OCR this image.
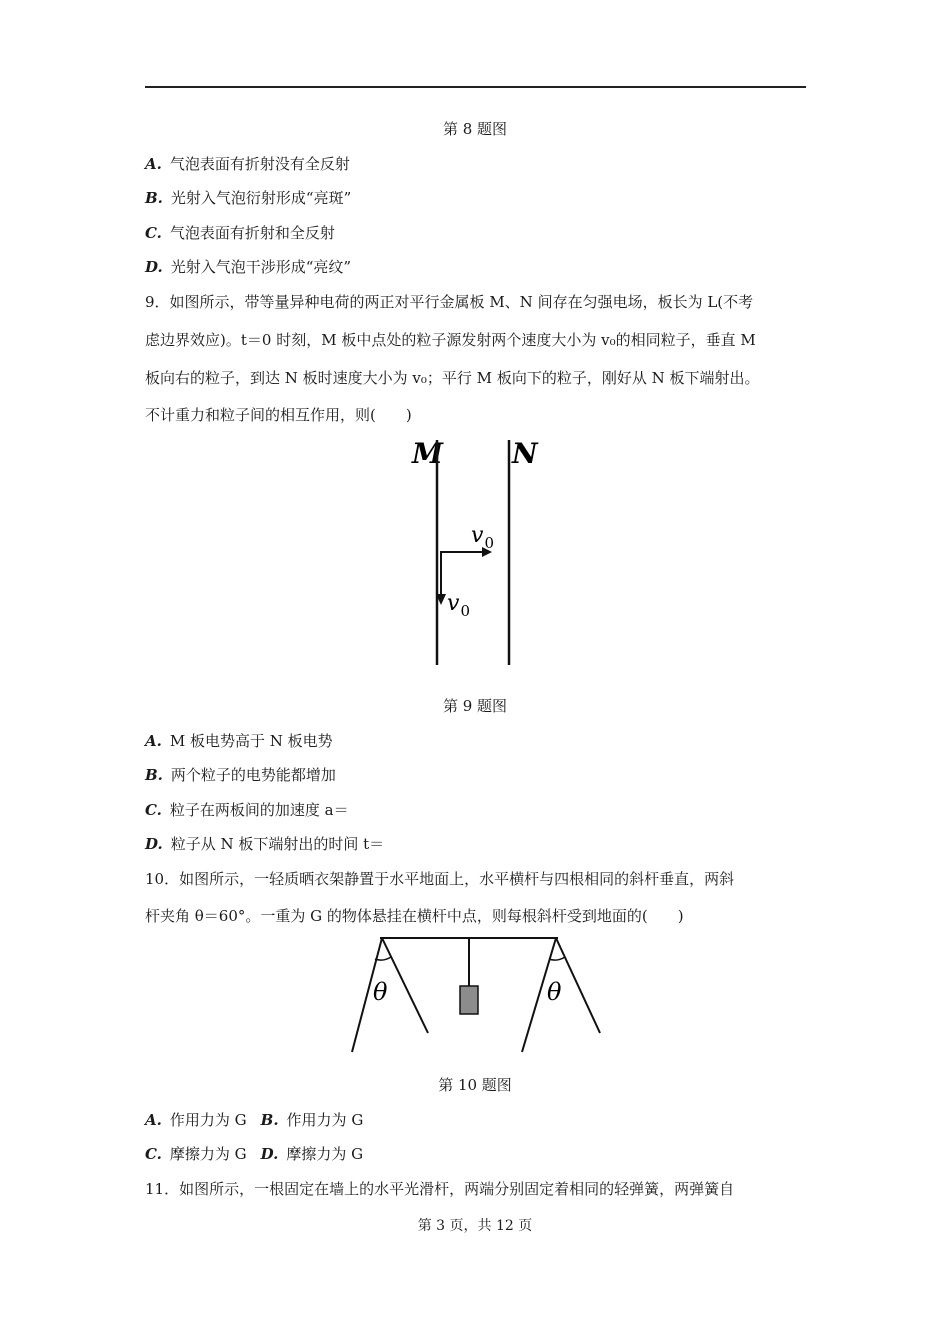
第 8 题图
A. 气泡表面有折射没有全反射
B. 光射入气泡衍射形成“亮斑”
C. 气泡表面有折射和全反射
D. 光射入气泡干涉形成“亮纹”
9．如图所示，带等量异种电荷的两正对平行金属板 M、N 间存在匀强电场，板长为 L(不考
虑边界效应)。t＝0 时刻，M 板中点处的粒子源发射两个速度大小为 v₀的相同粒子，垂直 M
板向右的粒子，到达 N 板时速度大小为 v₀；平行 M 板向下的粒子，刚好从 N 板下端射出。
不计重力和粒子间的相互作用，则(　　)
M N
$v_0$
$v_0$
第 9 题图
A. M 板电势高于 N 板电势
B. 两个粒子的电势能都增加
C. 粒子在两板间的加速度 a＝
D. 粒子从 N 板下端射出的时间 t＝
10．如图所示，一轻质晒衣架静置于水平地面上，水平横杆与四根相同的斜杆垂直，两斜
杆夹角 θ＝60°。一重为 G 的物体悬挂在横杆中点，则每根斜杆受到地面的(　　)
θ	θ
第 10 题图
A. 作用力为 G B. 作用力为 G
C. 摩擦力为 G D. 摩擦力为 G
11．如图所示，一根固定在墙上的水平光滑杆，两端分别固定着相同的轻弹簧，两弹簧自
第 3 页，共 12 页
